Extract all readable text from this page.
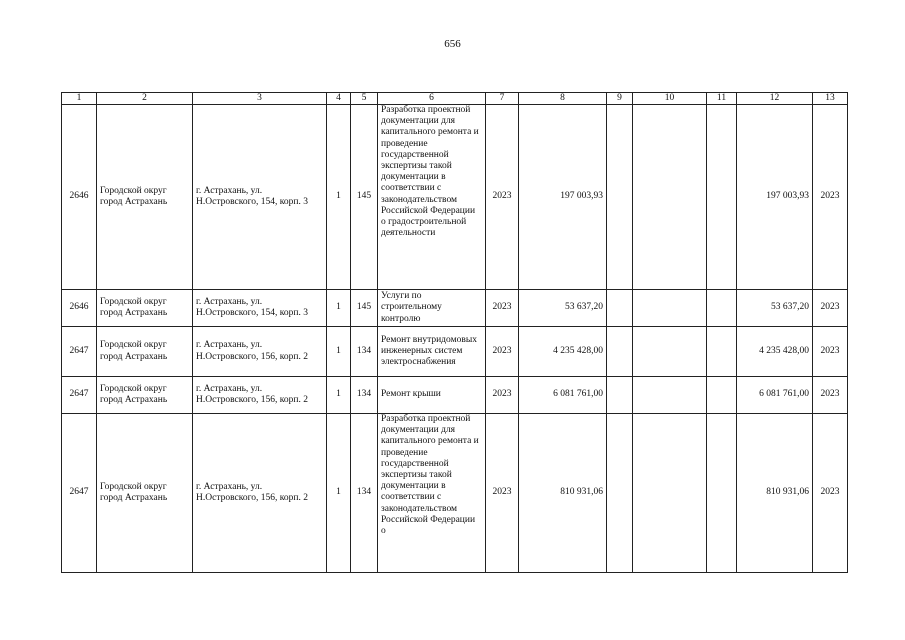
656
1	2	3	4	5	6	7	8	9	10	11	12	13
2646	Городской округ город Астрахань	г. Астрахань, ул. Н.Островского, 154, корп. 3	1	145	Разработка проектной документации для капитального ремонта и проведение государственной экспертизы такой документации в соответствии с законодательством Российской Федерации о градостроительной деятельности	2023	197 003,93				197 003,93	2023
2646	Городской округ город Астрахань	г. Астрахань, ул. Н.Островского, 154, корп. 3	1	145	Услуги по строительному контролю	2023	53 637,20				53 637,20	2023
2647	Городской округ город Астрахань	г. Астрахань, ул. Н.Островского, 156, корп. 2	1	134	Ремонт внутридомовых инженерных систем электроснабжения	2023	4 235 428,00				4 235 428,00	2023
2647	Городской округ город Астрахань	г. Астрахань, ул. Н.Островского, 156, корп. 2	1	134	Ремонт крыши	2023	6 081 761,00				6 081 761,00	2023
2647	Городской округ город Астрахань	г. Астрахань, ул. Н.Островского, 156, корп. 2	1	134	Разработка проектной документации для капитального ремонта и проведение государственной экспертизы такой документации в соответствии с законодательством Российской Федерации о	2023	810 931,06				810 931,06	2023
